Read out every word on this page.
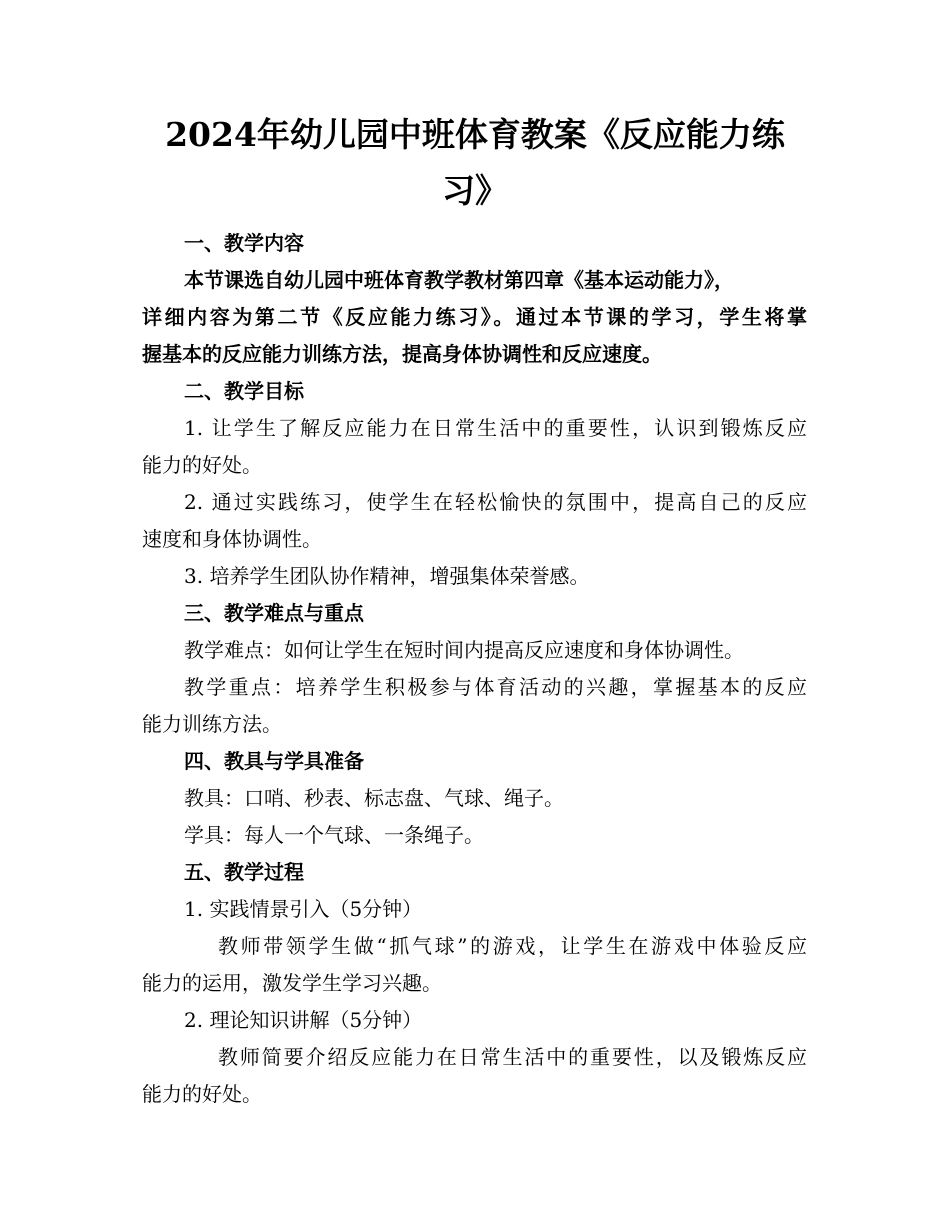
2024年幼儿园中班体育教案《反应能力练
习》

一、教学内容

本节课选自幼儿园中班体育教学教材第四章《基本运动能力》，

详细内容为第二节《反应能力练习》。通过本节课的学习，学生将掌

握基本的反应能力训练方法，提高身体协调性和反应速度。

二、教学目标

1. 让学生了解反应能力在日常生活中的重要性，认识到锻炼反应

能力的好处。

2. 通过实践练习，使学生在轻松愉快的氛围中，提高自己的反应

速度和身体协调性。

3. 培养学生团队协作精神，增强集体荣誉感。

三、教学难点与重点

教学难点：如何让学生在短时间内提高反应速度和身体协调性。

教学重点：培养学生积极参与体育活动的兴趣，掌握基本的反应

能力训练方法。

四、教具与学具准备

教具：口哨、秒表、标志盘、气球、绳子。

学具：每人一个气球、一条绳子。

五、教学过程

1. 实践情景引入（5分钟）

教师带领学生做“抓气球”的游戏，让学生在游戏中体验反应

能力的运用，激发学生学习兴趣。

2. 理论知识讲解（5分钟）

教师简要介绍反应能力在日常生活中的重要性，以及锻炼反应

能力的好处。
